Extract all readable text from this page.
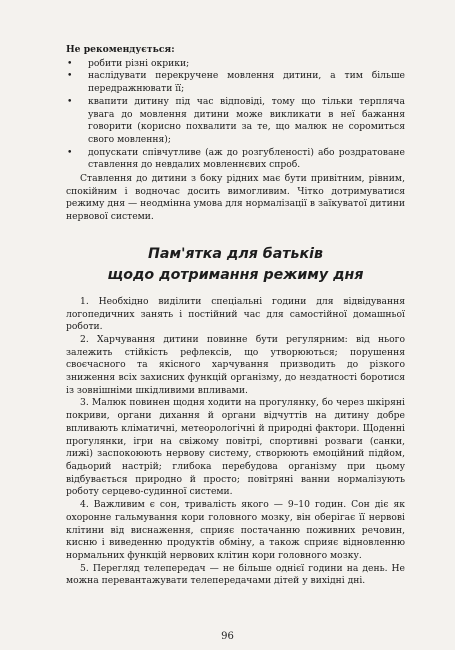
Не рекомендується:

• робити різні окрики;

• наслідувати перекручене мовлення дитини, а тим більше передражнювати її;

• квапити дитину під час відповіді, тому що тільки терпляча увага до мовлення дитини може викликати в неї бажання говорити (корисно похвалити за те, що малюк не соромиться свого мовлення);

• допускати співчутливе (аж до розгубленості) або роздратоване ставлення до невдалих мовленнєвих спроб.

Ставлення до дитини з боку рідних має бути привітним, рівним, спокійним і водночас досить вимогливим. Чітко дотримуватися режиму дня — неодмінна умова для нормалізації в заїкуватої дитини нервової системи.

Пам'ятка для батьків
щодо дотримання режиму дня

1. Необхідно виділити спеціальні години для відвідування логопедичних занять і постійний час для самостійної домашньої роботи.

2. Харчування дитини повинне бути регулярним: від нього залежить стійкість рефлексів, що утворюються; порушення своєчасного та якісного харчування призводить до різкого зниження всіх захисних функцій організму, до нездатності боротися із зовнішніми шкідливими впливами.

3. Малюк повинен щодня ходити на прогулянку, бо через шкіряні покриви, органи дихання й органи відчуттів на дитину добре впливають кліматичні, метеорологічні й природні фактори. Щоденні прогулянки, ігри на свіжому повітрі, спортивні розваги (санки, лижі) заспокоюють нервову систему, створюють емоційний підйом, бадьорий настрій; глибока перебудова організму при цьому відбувається природно й просто; повітряні ванни нормалізують роботу серцево-судинної системи.

4. Важливим є сон, тривалість якого — 9–10 годин. Сон діє як охоронне гальмування кори головного мозку, він оберігає її нервові клітини від виснаження, сприяє постачанню поживних речовин, кисню і виведенню продуктів обміну, а також сприяє відновленню нормальних функцій нервових клітин кори головного мозку.

5. Перегляд телепередач — не більше однієї години на день. Не можна перевантажувати телепередачами дітей у вихідні дні.

96
